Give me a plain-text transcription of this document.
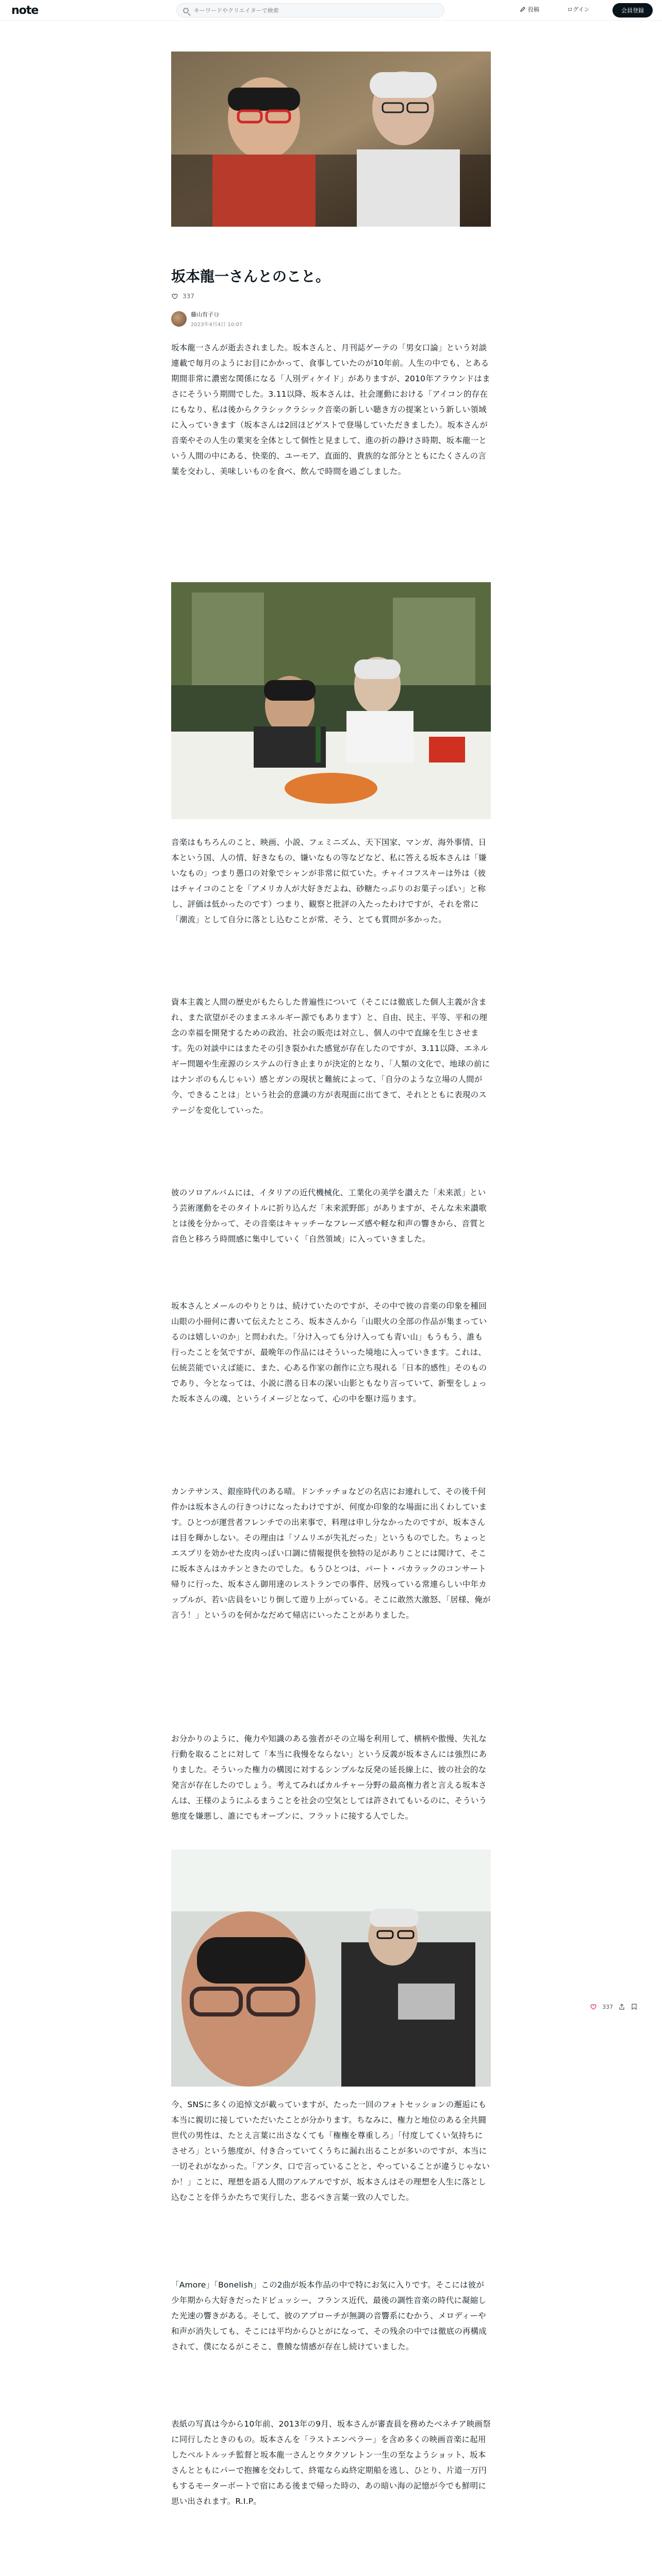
note
キーワードやクリエイターで検索	投稿	ログイン	会員登録
坂本龍一さんとのこと。
337
藤山有子ﾐｼ
2023年4月4日 10:07
坂本龍一さんが逝去されました。坂本さんと、月刊誌ゲーテの「男女口論」という対談連載で毎月のようにお目にかかって、食事していたのが10年前。人生の中でも、とある期間非常に濃密な関係になる「人別ディケイド」がありますが、2010年アラウンドはまさにそういう期間でした。3.11以降、坂本さんは、社会運動における「アイコン的存在にもなり、私は後からクラシックラシック音楽の新しい聴き方の提案という新しい領域に入っていきます（坂本さんは2回ほどゲストで登場していただきました）。坂本さんが音楽やその人生の業実を全体として個性と見まして、進の折の静けさ時期、坂本龍一という人間の中にある、快楽的、ユーモア、直面的、貴族的な部分とともにたくさんの言葉を交わし、美味しいものを食べ、飲んで時間を過ごしました。
音楽はもちろんのこと、映画、小説、フェミニズム、天下国家、マンガ、海外事情、日本という国、人の情、好きなもの、嫌いなもの等などなど、私に答える坂本さんは「嫌いなもの」つまり愚口の対象でシャンが非常に似ていた。チャイコフスキーは外は（彼はチャイコのことを「アメリカ人が大好きだよね、砂糖たっぷりのお菓子っぽい」と称し、評価は低かったのです）つまり、観察と批評の入たったわけですが、それを常に「潮流」として自分に落とし込むことが常、そう、とても質問が多かった。
資本主義と人間の歴史がもたらした普遍性について（そこには徹底した個人主義が含まれ、また欲望がそのままエネルギー源でもあります）と、自由、民主、平等、平和の理念の幸福を開発するための政治、社会の販売は対立し、個人の中で直線を生じさせます。先の対談中にはまたその引き裂かれた感覚が存在したのですが、3.11以降、エネルギー問題や生産源のシステムの行き止まりが決定的となり、「人類の文化で、地球の前にはナンポのもんじゃい）感とガンの現状と難統によって、「自分のような立場の人間が今、できることは」という社会的意識の方が表現面に出てきて、それとともに表現のステージを変化していった。
彼のソロアルバムには、イタリアの近代機械化、工業化の美学を讃えた「未来派」という芸術運動をそのタイトルに折り込んだ「未来派野郎」がありますが、そんな未来讃歌とは後を分かって、その音楽はキャッチーなフレーズ感や軽な和声の響きから、音質と音色と移ろう時間感に集中していく「自然領域」に入っていきました。
坂本さんとメールのやりとりは、続けていたのですが、その中で彼の音楽の印象を種回山眼の小冊何に書いて伝えたところ、坂本さんから「山眼火の全部の作品が集まっているのは嬉しいのか」と問われた。「分け入っても分け入っても青い山」もうもう、誰も行ったことを気ですが、最晩年の作品にはそういった境地に入っていきます。これは、伝統芸能でいえば能に、また、心ある作家の創作に立ち現れる「日本的感性」そのものであり、今となっては、小説に潜る日本の深い山影ともなり言っていて、新聖をしょった坂本さんの魂、というイメージとなって、心の中を駆け巡ります。
カンテサンス、銀座時代のある晴。ドンチッチョなどの名店にお連れして、その後千何件かは坂本さんの行きつけになったわけですが、何度か印象的な場面に出くわしています。ひとつが運営者フレンチでの出来事で、料理は申し分なかったのですが、坂本さんは目を輝かしない。その理由は「ソムリエが失礼だった」というものでした。ちょっとエスプリを効かせた皮肉っぽい口調に情報提供を独特の足がありことには聞けて、そこに坂本さんはカチンときたのでした。もうひとつは、パート・バカラックのコンサート帰りに行った、坂本さん御用達のレストランでの事件、居残っている常連らしい中年カップルが、若い店員をいじり倒して遊り上がっている。そこに敢然大激怒、「居様、俺が言う！」というのを何かなだめて帰店にいったことがありました。
お分かりのように、俺力や知識のある強者がその立場を利用して、横柄や傲慢、失礼な行動を取ることに対して「本当に我慢をならない」という反義が坂本さんには強烈にありました。そういった権力の構図に対するシンプルな反発の延長線上に、彼の社会的な発言が存在したのでしょう。考えてみればカルチャー分野の最高権力者と言える坂本さんは、王様のようにふるまうことを社会の空気としては許されてもいるのに、そういう態度を嫌悪し、誰にでもオープンに、フラットに接する人でした。
今、SNSに多くの追悼文が載っていますが、たった一回のフォトセッションの邂逅にも本当に親切に接していただいたことが分かります。ちなみに、権力と地位のある全共闘世代の男性は、たとえ言葉に出さなくても「権権を尊重しろ」「付度してくい気持ちにさせろ」という態度が、付き合っていてくうちに漏れ出ることが多いのですが、本当に一切それがなかった。「アンタ、口で言っていることと、やっていることが違うじゃないか！」ことに、理想を語る人間のアルアルですが、坂本さんはその理想を人生に落とし込むことを伴うかたちで実行した、悲るべき言葉一致の人でした。
「Amore」「Bonelish」この2曲が坂本作品の中で特にお気に入りです。そこには彼が少年期から大好きだったドビュッシー、フランス近代、最後の調性音楽の時代に凝縮した光速の響きがある。そして、彼のアプローチが無調の音響系にむかう、メロディーや和声が消失しても、そこには平均からひとがになって、その残余の中では徹底の再構成されて、僕になるがこそこ、豊饒な情感が存在し続けていました。
表紙の写真は今から10年前、2013年の9月、坂本さんが審査員を務めたベネチア映画祭に同行したときのもの。坂本さんを「ラストエンペラー」を含め多くの映画音楽に起用したベルトルッチ監督と坂本龍一さんとウタクソレトン一生の至なようショット、坂本さんとともにパーで抱擁を交わして、終電ならぬ終定期船を逃し、ひとり、片道一万円もするモーターボートで宿にある後まで帰った時の、あの暗い海の記憶が今でも鮮明に思い出されます。R.I.P。
337
